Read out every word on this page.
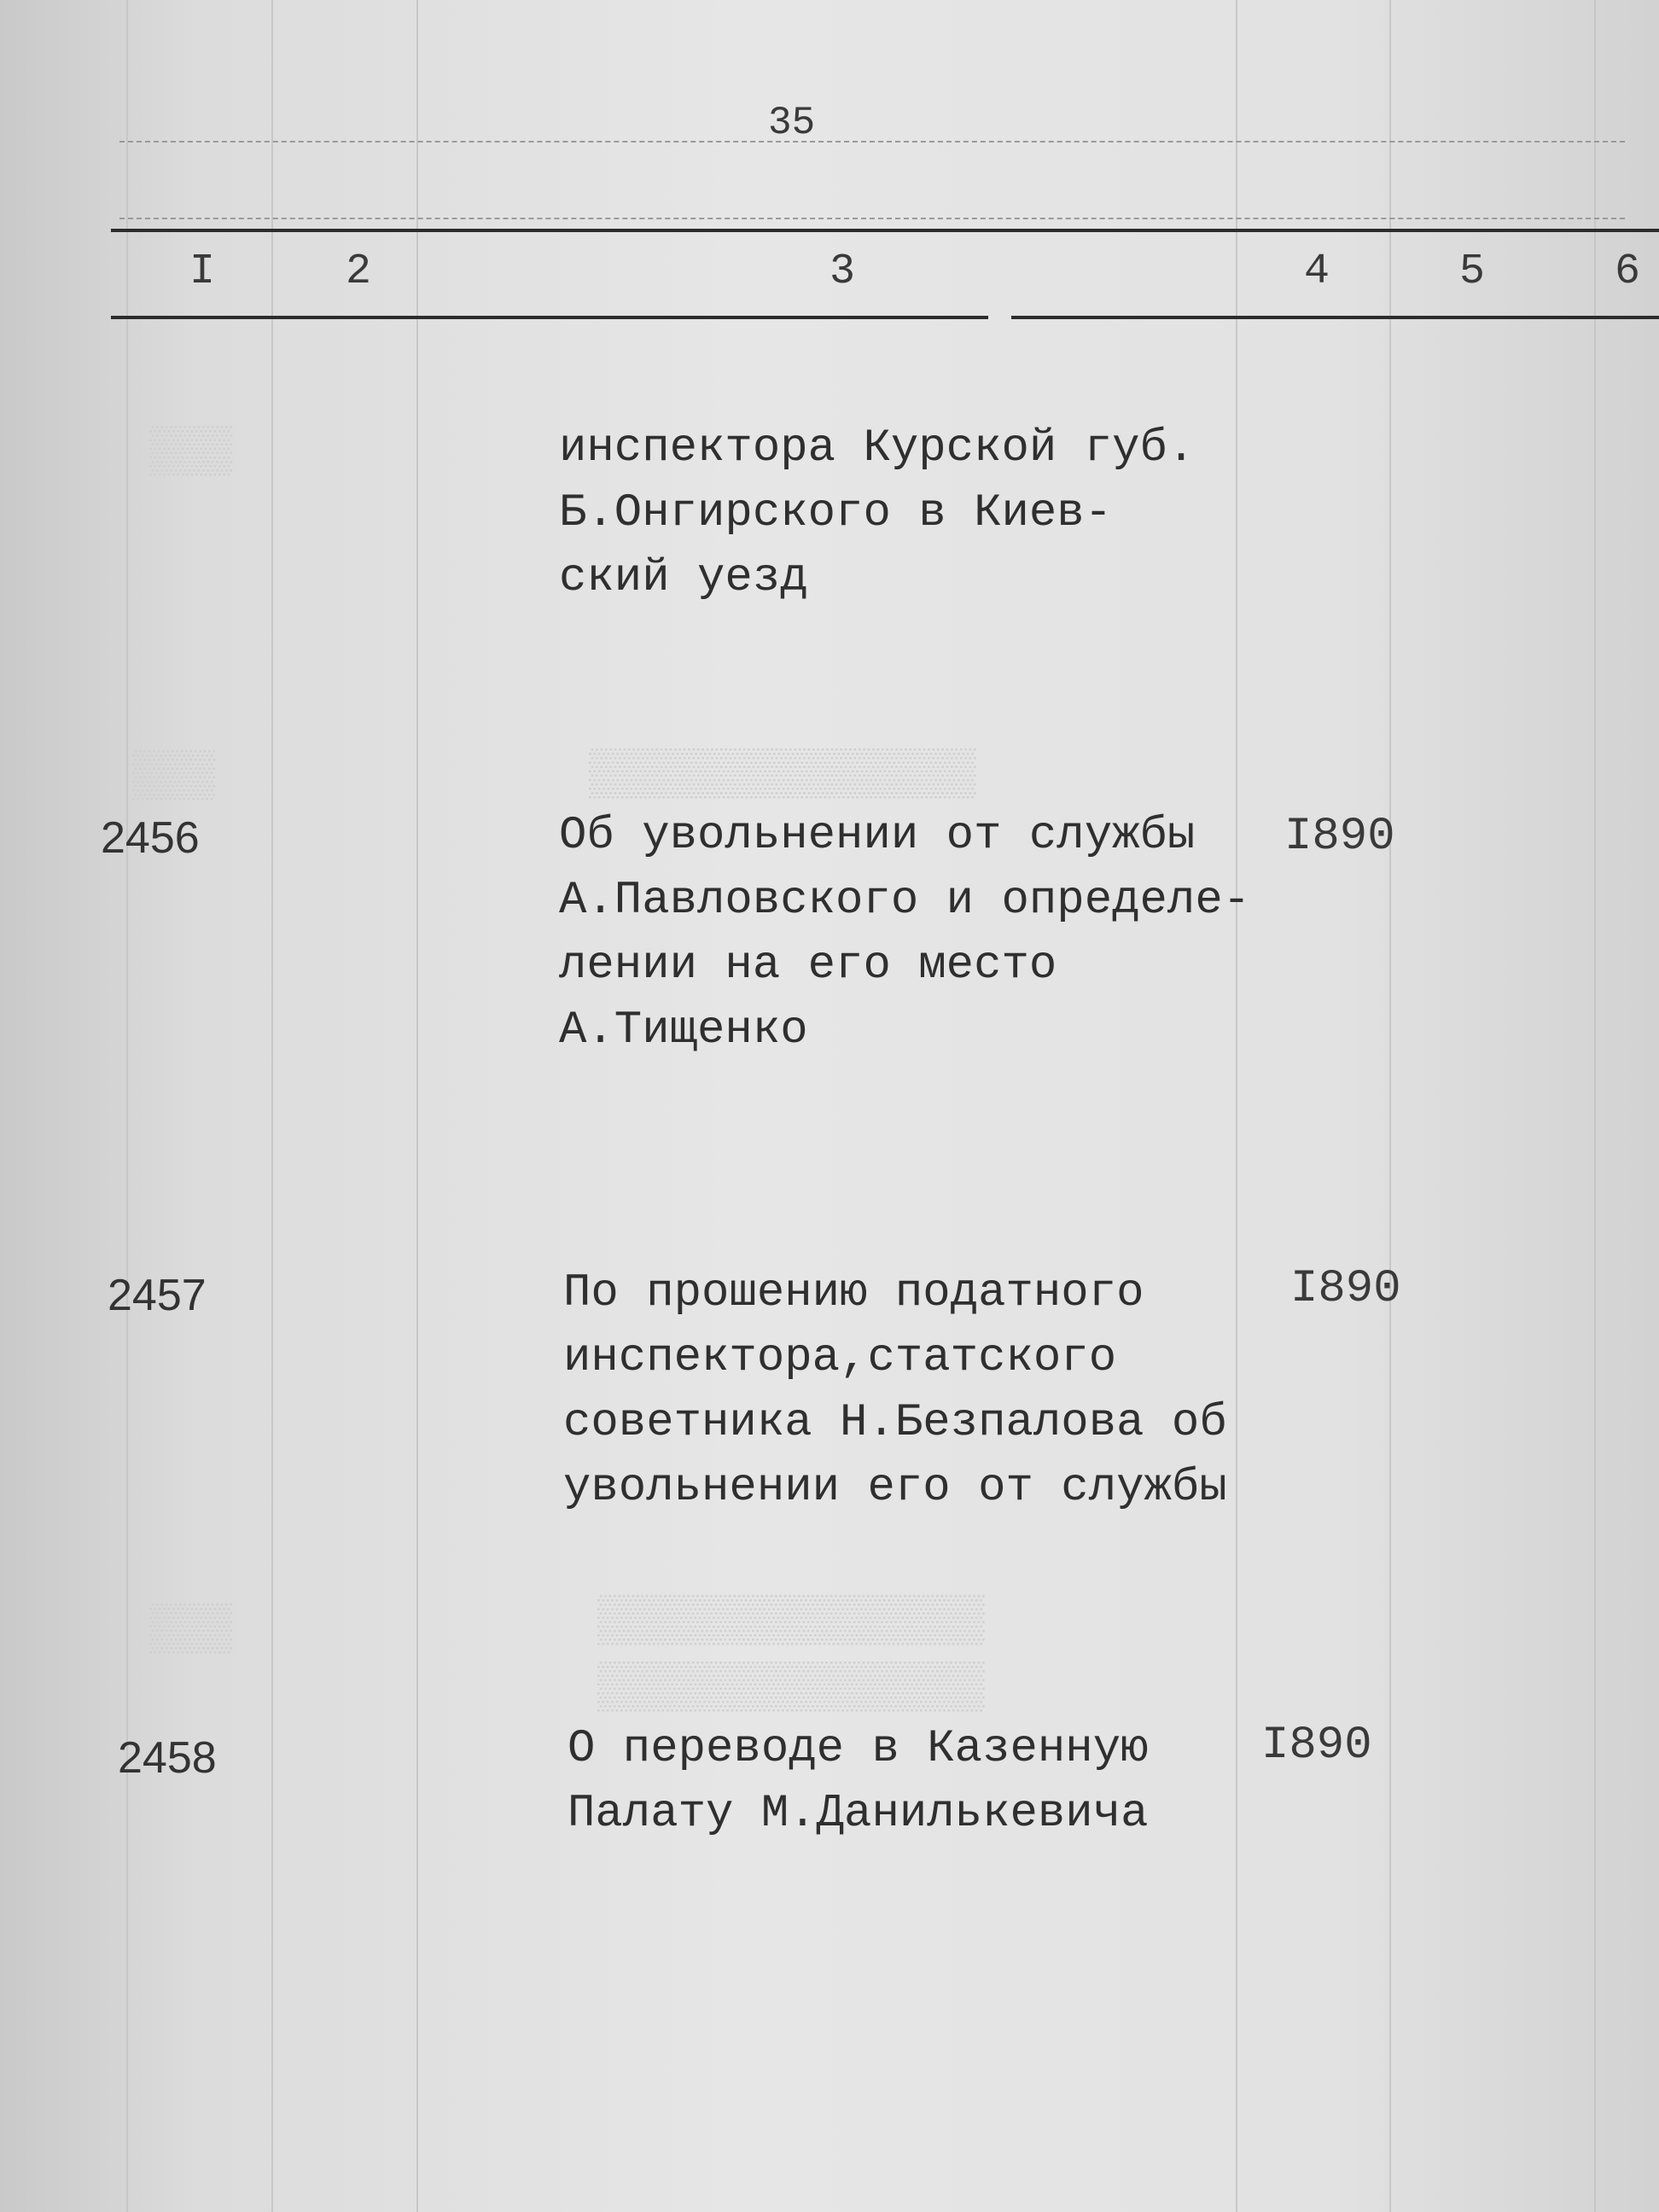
▒▒▒
▒▒▒	▒▒▒▒▒▒▒▒▒▒▒▒▒▒
▒▒▒	▒▒▒▒▒▒▒▒▒▒▒▒▒▒
▒▒▒▒▒▒▒▒▒▒▒▒▒▒
35
I	2	3	4	5	6
инспектора Курской губ.
Б.Онгирского в Киев-
ский уезд
2456	Об увольнении от службы
А.Павловского и определе-
лении на его место
А.Тищенко
I890
2457	По прошению податного
инспектора,статского
советника Н.Безпалова об
увольнении его от службы
I890
2458	О переводе в Казенную
Палату М.Данилькевича
I890
